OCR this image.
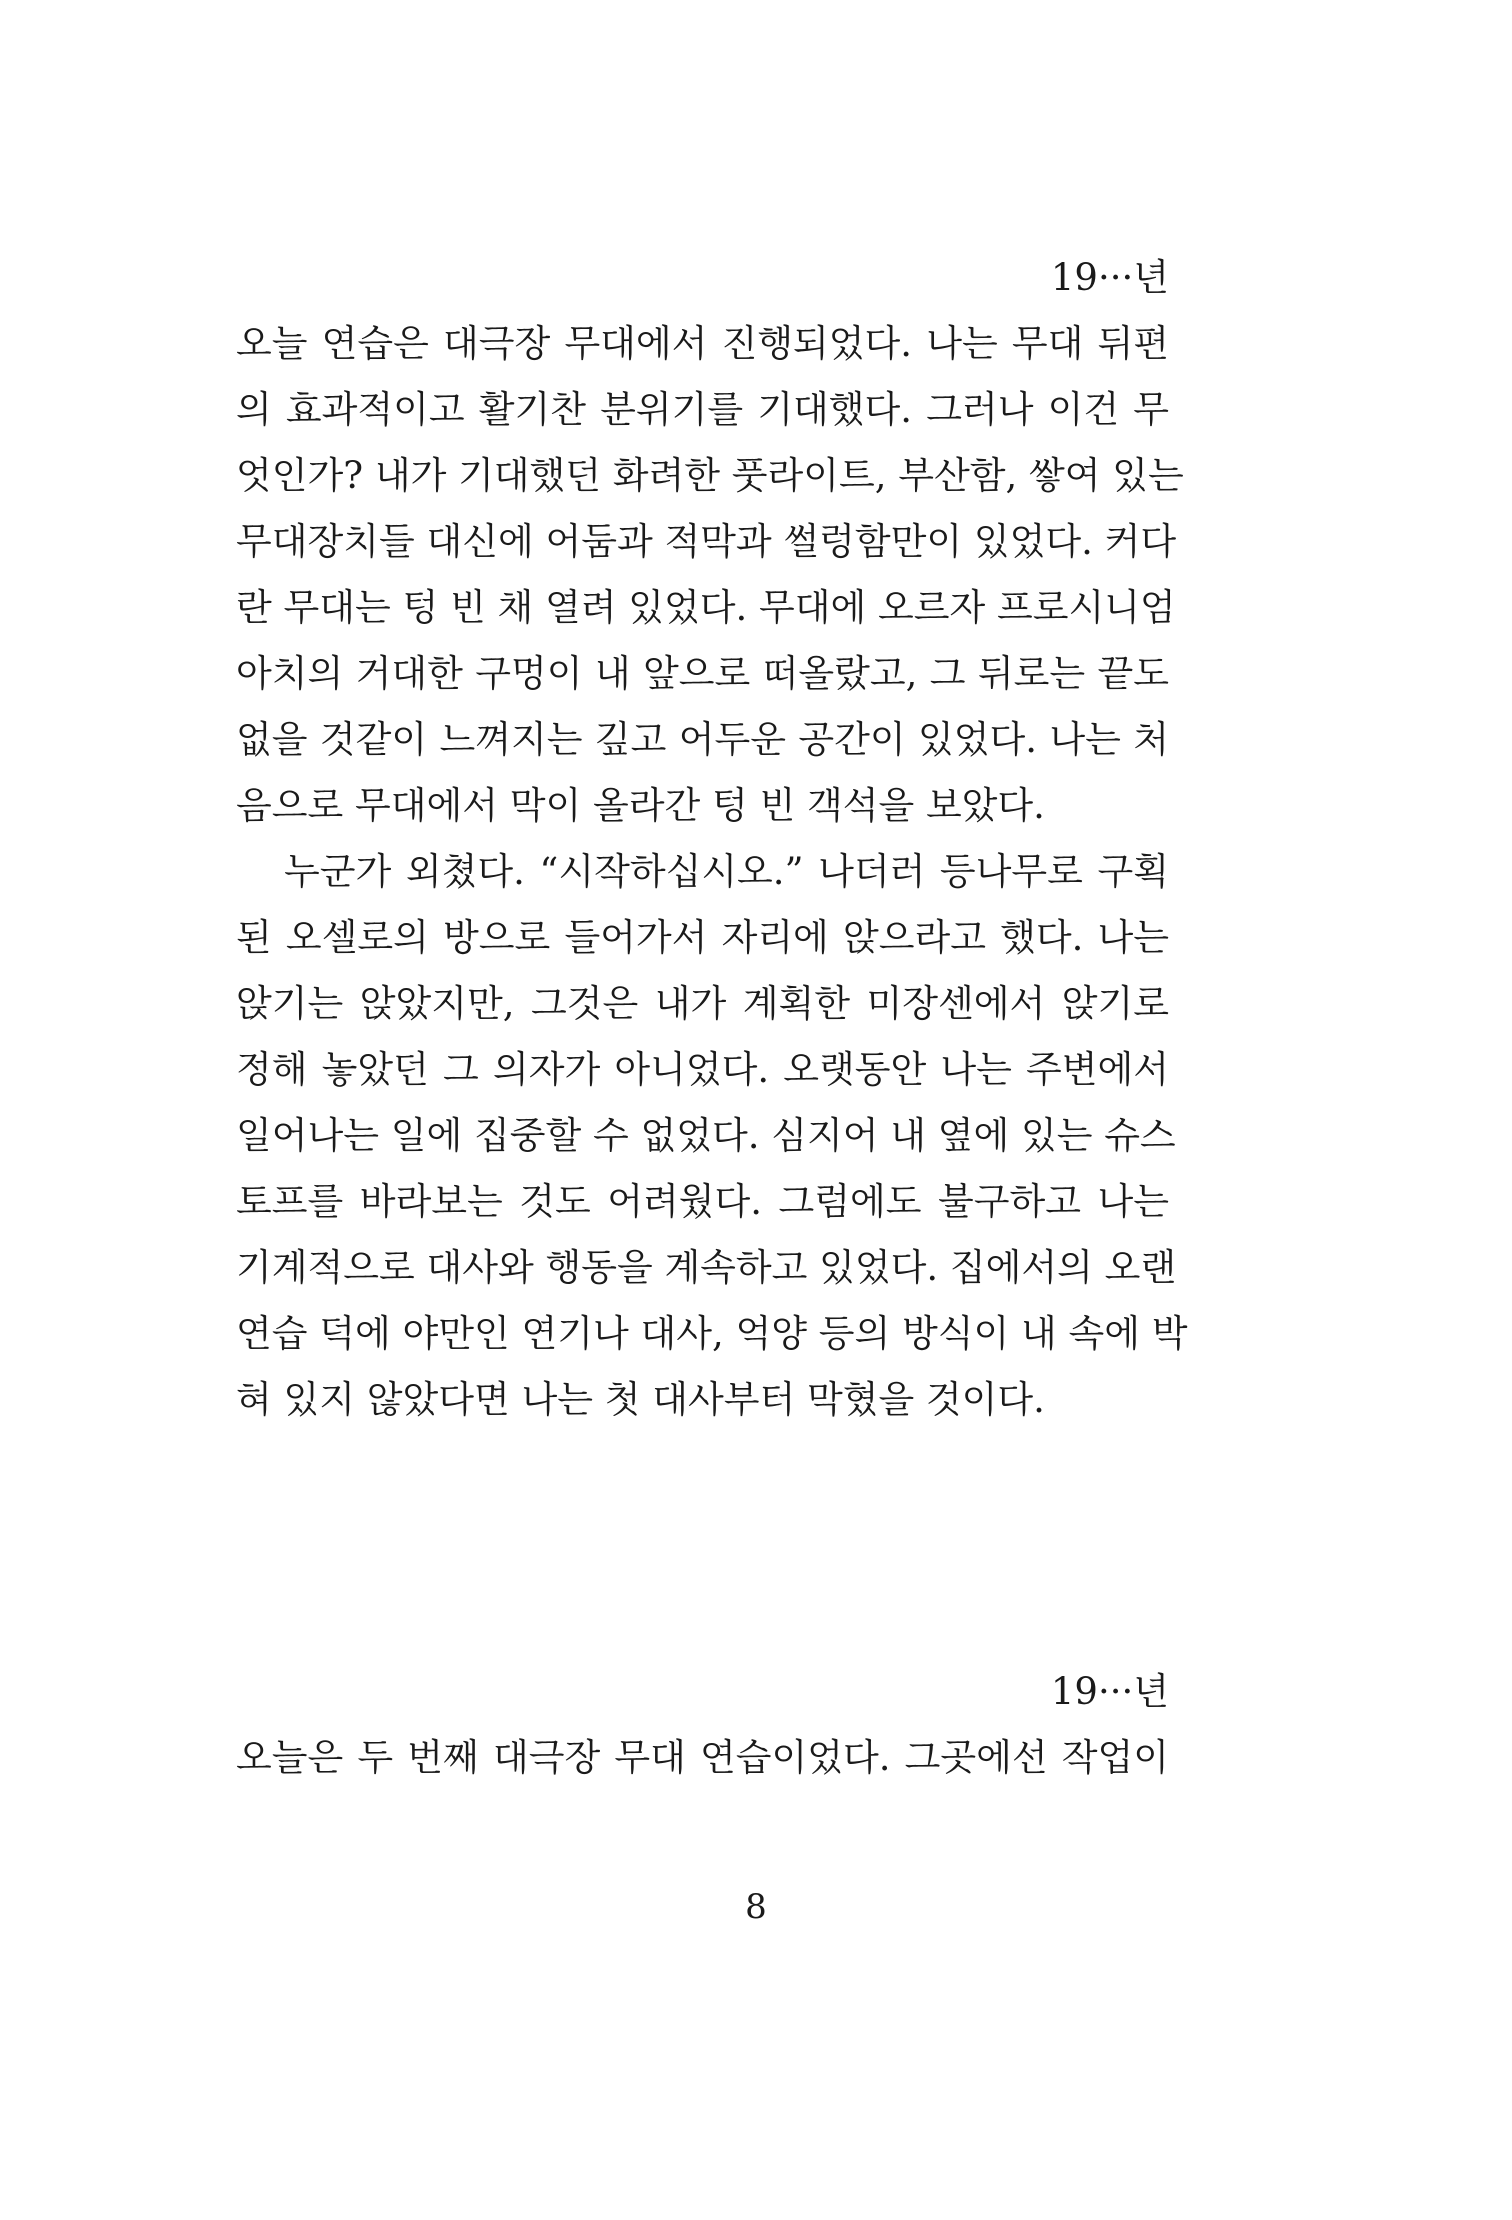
19···년
오늘 연습은 대극장 무대에서 진행되었다. 나는 무대 뒤편
의 효과적이고 활기찬 분위기를 기대했다. 그러나 이건 무
엇인가? 내가 기대했던 화려한 풋라이트, 부산함, 쌓여 있는
무대장치들 대신에 어둠과 적막과 썰렁함만이 있었다. 커다
란 무대는 텅 빈 채 열려 있었다. 무대에 오르자 프로시니엄
아치의 거대한 구멍이 내 앞으로 떠올랐고, 그 뒤로는 끝도
없을 것같이 느껴지는 깊고 어두운 공간이 있었다. 나는 처
음으로 무대에서 막이 올라간 텅 빈 객석을 보았다.
누군가 외쳤다. “시작하십시오.” 나더러 등나무로 구획
된 오셀로의 방으로 들어가서 자리에 앉으라고 했다. 나는
앉기는 앉았지만, 그것은 내가 계획한 미장센에서 앉기로
정해 놓았던 그 의자가 아니었다. 오랫동안 나는 주변에서
일어나는 일에 집중할 수 없었다. 심지어 내 옆에 있는 슈스
토프를 바라보는 것도 어려웠다. 그럼에도 불구하고 나는
기계적으로 대사와 행동을 계속하고 있었다. 집에서의 오랜
연습 덕에 야만인 연기나 대사, 억양 등의 방식이 내 속에 박
혀 있지 않았다면 나는 첫 대사부터 막혔을 것이다.
19···년
오늘은 두 번째 대극장 무대 연습이었다. 그곳에선 작업이
8
